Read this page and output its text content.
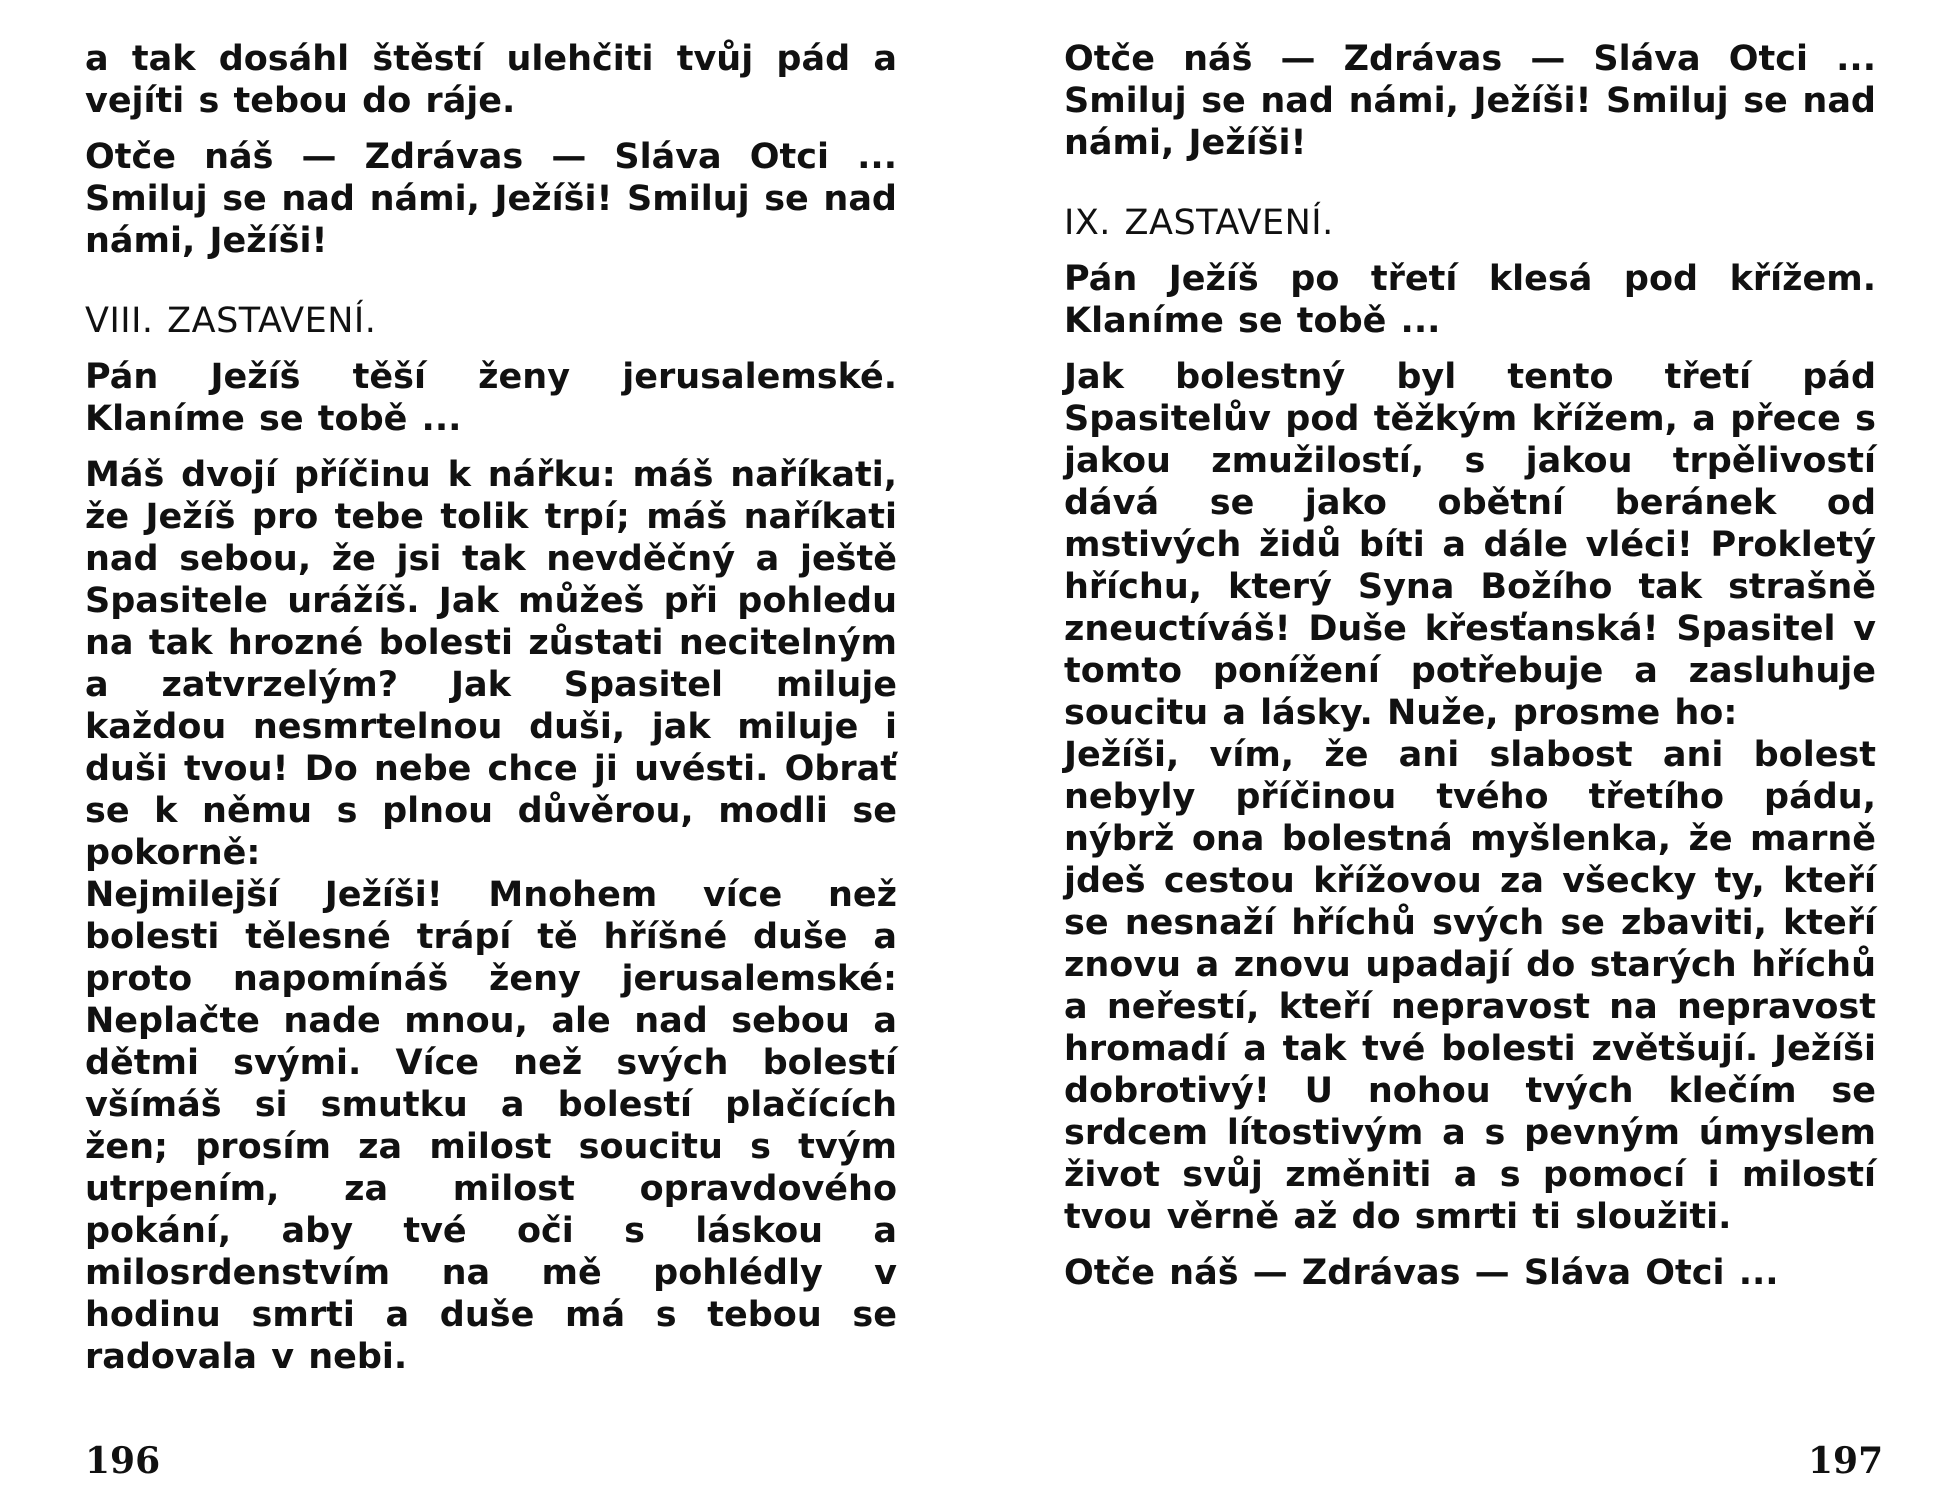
a tak dosáhl štěstí ulehčiti tvůj pád a vejíti s tebou do ráje.

Otče náš — Zdrávas — Sláva Otci ... Smiluj se nad námi, Ježíši! Smiluj se nad námi, Ježíši!

VIII. ZASTAVENÍ.

Pán Ježíš těší ženy jerusalemské. Klaníme se tobě ...

Máš dvojí příčinu k nářku: máš naříkati, že Ježíš pro tebe tolik trpí; máš naříkati nad sebou, že jsi tak nevděčný a ještě Spasitele urážíš. Jak můžeš při pohledu na tak hrozné bolesti zůstati necitelným a zatvrzelým? Jak Spasitel miluje každou nesmrtelnou duši, jak miluje i duši tvou! Do nebe chce ji uvésti. Obrať se k němu s plnou důvěrou, modli se pokorně:

Nejmilejší Ježíši! Mnohem více než bolesti tělesné trápí tě hříšné duše a proto napomínáš ženy jerusalemské: Neplačte nade mnou, ale nad sebou a dětmi svými. Více než svých bolestí všímáš si smutku a bolestí plačících žen; prosím za milost soucitu s tvým utrpením, za milost opravdového pokání, aby tvé oči s láskou a milosrdenstvím na mě pohlédly v hodinu smrti a duše má s tebou se radovala v nebi.

Otče náš — Zdrávas — Sláva Otci ... Smiluj se nad námi, Ježíši! Smiluj se nad námi, Ježíši!

IX. ZASTAVENÍ.

Pán Ježíš po třetí klesá pod křížem. Klaníme se tobě ...

Jak bolestný byl tento třetí pád Spasitelův pod těžkým křížem, a přece s jakou zmužilostí, s jakou trpělivostí dává se jako obětní beránek od mstivých židů bíti a dále vléci! Prokletý hříchu, který Syna Božího tak strašně zneuctíváš! Duše křesťanská! Spasitel v tomto ponížení potřebuje a zasluhuje soucitu a lásky. Nuže, prosme ho:

Ježíši, vím, že ani slabost ani bolest nebyly příčinou tvého třetího pádu, nýbrž ona bolestná myšlenka, že marně jdeš cestou křížovou za všecky ty, kteří se nesnaží hříchů svých se zbaviti, kteří znovu a znovu upadají do starých hříchů a neřestí, kteří nepravost na nepravost hromadí a tak tvé bolesti zvětšují. Ježíši dobrotivý! U nohou tvých klečím se srdcem lítostivým a s pevným úmyslem život svůj změniti a s pomocí i milostí tvou věrně až do smrti ti sloužiti.

Otče náš — Zdrávas — Sláva Otci ...

196	197
